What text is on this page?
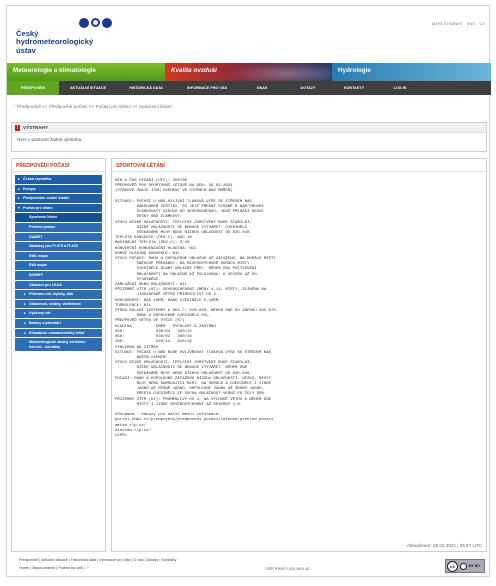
Český
hydrometeorologický
ústav
MAPA STRÁNEK ENG CS
Meteorologie a klimatologie	Kvalita ovzduší	Hydrologie
PŘEDPOVĚDI	AKTUÁLNÍ SITUACE	HISTORICKÁ DATA	INFORMACE PRO VÁS	ONAS	DOTAZY	KONTAKTY	LOG IN
:: Předpovědi >> Předpovědi počasí >> Počasí pro létání >> Sportovní létání
!	VÝSTRAHY
Není v platnosti žádná výstraha.
PŘEDPOVĚDI POČASÍ
▸ Česká republika
▸ Evropa
▸ Předpovědní model Aladin
▾ Počasí pro létání
Sportovní létání
Přehled počasí
GAMET
Námrazy pro FL075 a FL100
SWL mapa
SWl mapa
SIGMET
Oblastní pro LKAA
▸ Přízemní vítr, teploty, tlak
▸ Oblačnost, srážky, viditelnost
▸ Výškový vítr
▸ Balóny a plachtaři
▸ Klimatické charakteristiky letišť
Meteorologické služby civilnímu letectví - kontakty
SPORTOVNÍ LÉTÁNÍ
DEN A ČAS VYDÁNÍ (UTC): 250700
PŘEDPOVĚĎ PRO SPORTOVNÍ LÉTÁNÍ NA DEN: 26.02.2021
(VÝŠKOVÉ ÚDAJE JSOU UVEDENY VE STOPÁCH NAD MOŘEM)

SITUACE: POČASÍ U NÁS OVLIVNÍ TLAKOVÁ VÝŠE SE STŘEDEM NAD
RAKOUSKEM ČEŠTINY. PO JEJÍ PŘEDNÍ STRANĚ K NÁM PROUDÍ
ČLÁNKOVATÝ VZDUCH OD SEVEROZÁPADU, JENŽ PŘINÁŠÍ SKOZE
DESKY OBD ZLÁMKOVÝ.
VÝVOJ NÍZKÉ OBLAČNOSTI: TEPLOTNÍ ZVRSTVENÍ BUDE STABILNÍ,
NÍZKÉ OBLAČNOSTI SE NEBUDE VYTVÁŘET. OJEDINĚLE
OČEKÁVÁME MLHY NEBO NÍZKOU OBLAČNOST OD 035-040.
TEPLOTA KONVEKCE (DEG C): NAD 18
MAXIMÁLNÍ TEPLOTA (DEG C): 6-10
KONVEKČNÍ KONDENZAČNÍ HLADINA: NIL
HORNÍ HLADINA KONVEKCE: NIL
VÝVOJ POČASÍ: RANO A DOPOLEDNE OBLAČNO AŽ ZATAŽENO, NA HORÁCH MÍSTY
SNĚHOVÉ PŘEHÁNKY. NA SEVEROVÝCHODĚ HORÁCH MÍSTY
OJEDINĚLE SLABÝ OBLAČNÝ PŘEC. BĚHEM DNE POČÍTÁVÁNÍ
OBLAČNOSTI NA OBLAČNO AŽ POLOJASNO, K VEČERU AŽ DO
VYJASNĚNÍ.
ZAMLAŽENÍ NEBO OBLAČNOSTI: NIL
PŘÍZEMNÍ VÍTR (KT): SEVEROZÁPADNÍ ZMĚNY 4-12, MÍSTY, ZEJMÉNA NA
JIHOZÁPADĚ VĚTRU PŘÍMOSTLIVÝ DO 4.
DOHLEDNOST: NAD 10KM, RANO OJEDINĚLE 5-10KM.
TURBULENCE: NIL
VÝŠKA NULOVÉ IZOTERMY 0 DEG C: 020-030, BĚHEM DNE DO ZÁPADU 035-070.
RANO A DOPOLEDNE OJEDINĚLE NIL.
PŘEDPOVĚĎ VĚTRU VE VÝŠCE (KT)
HLADINA          SMĚR   RYCHLOST A ZÁSTRNO
020:             330/04   330/12
050:             030/02   360/10
100:             020/14   010/19
VÝHLEDNA NA ZÍTŘEK
SITUACE: POČASÍ U NÁS BUDE OVLIVŇOVAT TLAKOVÁ VÝŠE SE STŘEDEM NAD
NAŠÍM ÚZEMÍM.
VÝVOJ NÍZKÉ OBLAČNOSTI: TEPLOTNÍ ZVRSTVENÍ BUDE STABILNÍ,
NÍZKÉ OBLAČNOSTI SE NEBUDE VYTVÁŘET. BĚHEM DNE
OČEKÁVÁME MLHY NEBO NÍZKOU OBLAČNOST OD 035-040.
POČASÍ: RANO A DOPOLEDNE ZATAŽENO NÍZKOU OBLAČNOSTÍ, NÍZKO, MÍSTY
MLHY NEBO NAMRZAJÍCÍ MLHY. NA HORÁCH A OJEDINĚLE I JINDE
JASNO AŽ MÍRNĚ JASNO. ODPOLEDNE JASNO AŽ SKORO JASNO,
PŘESTO OJEDINĚLE ZE SUCHA OBLAČNOST VERNÍ PO ČELY DEN.
PŘÍZEMNÍ VÍTR (KT): PROMĚNLIVÝ DO 4, NA VÝCHODĚ VĚTRU A BĚHEM DNE
MÍSTY I JINDE SEVEROVÝCHODNÍ AŽ SEVERNÍ 4-8.

#Oznamna - Odkazy pro další mezní informace:
portal.chmi.cz/predpovedi/predpovedi-pocasi/letecke/prehled pocasi
meteo.rlp.cz/
aieview.rlp.cz/
LEPR=
Aktualizace: 26.02.2021 | 05:57 UTC
Předpovědi | Aktuální situace | Historická data | Informace pro Vás | O nás | Dotazy | Kontakty
Home | Mapa stránek | Podmínky užití | ?	CERTIFIKÁTY ISO 9001 A3
cc	BY ND
